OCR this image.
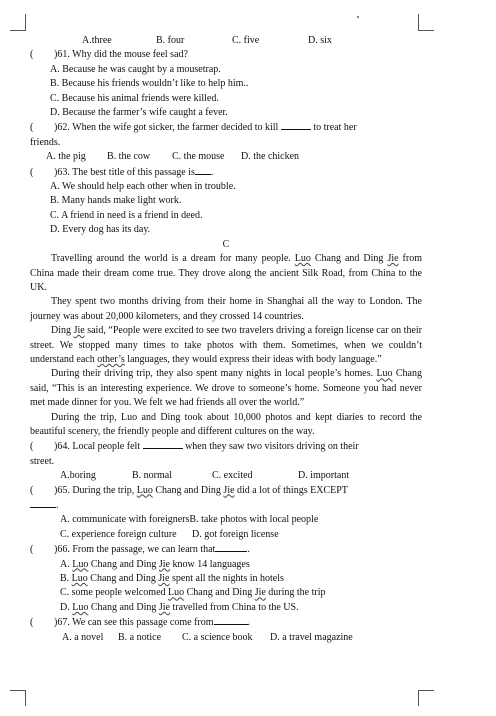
A.three	B. four	C. five	D. six
( )61. Why did the mouse feel sad?
A. Because he was caught by a mousetrap.
B. Because his friends wouldn’t like to help him..
C. Because his animal friends were killed.
D. Because the farmer’s wife caught a fever.
( )62. When the wife got sicker, the farmer decided to kill	to treat her
friends.
A. the pig	B. the cow	C. the mouse	D. the chicken
( )63. The best title of this passage is .
A. We should help each other when in trouble.
B. Many hands make light work.
C. A friend in need is a friend in deed.
D. Every dog has its day.
C
Travelling around the world is a dream for many people. Luo Chang and Ding Jie from China made their dream come true. They drove along the ancient Silk Road, from China to the UK.
They spent two months driving from their home in Shanghai all the way to London. The journey was about 20,000 kilometers, and they crossed 14 countries.
Ding Jie said, “People were excited to see two travelers driving a foreign license car on their street. We stopped many times to take photos with them. Sometimes, when we couldn’t understand each other’s languages, they would express their ideas with body language.”
During their driving trip, they also spent many nights in local people’s homes. Luo Chang said, “This is an interesting experience. We drove to someone’s home. Someone you had never met made dinner for you. We felt we had friends all over the world.”
During the trip, Luo and Ding took about 10,000 photos and kept diaries to record the beautiful scenery, the friendly people and different cultures on the way.
( )64. Local people felt	when they saw two visitors driving on their
street.
A.boring	B. normal	C. excited	D. important
( )65. During the trip, Luo Chang and Ding Jie did a lot of things EXCEPT
.
A. communicate with foreignersB. take photos with local people
C. experience foreign culture	D. got foreign license
( )66. From the passage, we can learn that	.
A. Luo Chang and Ding Jie know 14 languages
B. Luo Chang and Ding Jie spent all the nights in hotels
C. some people welcomed Luo Chang and Ding Jie during the trip
D. Luo Chang and Ding Jie travelled from China to the US.
( )67. We can see this passage come from	.
A. a novel	B. a notice	C. a science book	D. a travel magazine
